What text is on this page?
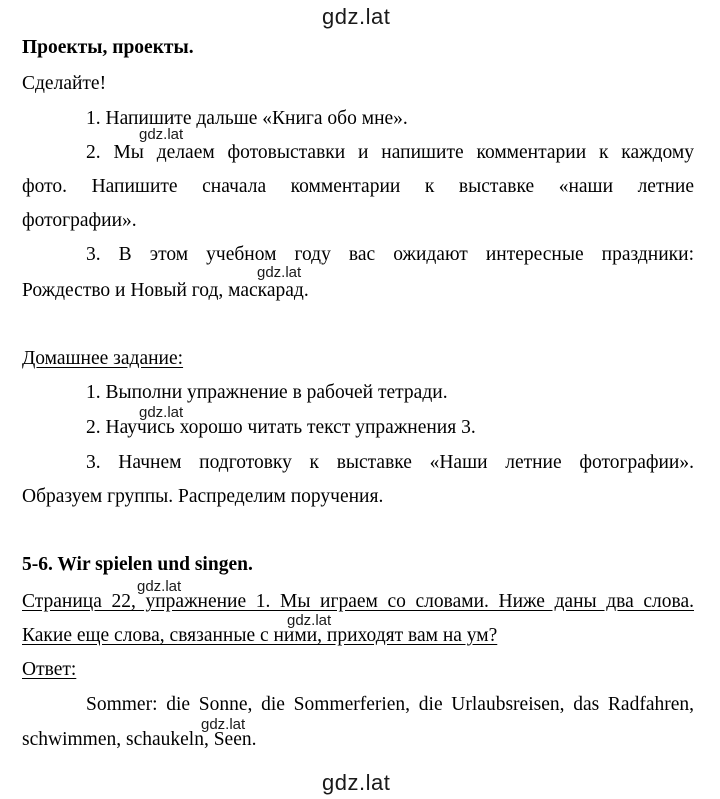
gdz.lat
Проекты, проекты.
Сделайте!
1. Напишите дальше «Книга обо мне».
gdz.lat
2. Мы делаем фотовыставки и напишите комментарии к каждому
фото. Напишите сначала комментарии к выставке «наши летние
фотографии».
3. В этом учебном году вас ожидают интересные праздники:
gdz.lat
Рождество и Новый год, маскарад.
Домашнее задание:
1. Выполни упражнение в рабочей тетради.
gdz.lat
2. Научись хорошо читать текст упражнения 3.
3. Начнем подготовку к выставке «Наши летние фотографии».
Образуем группы. Распределим поручения.
5-6. Wir spielen und singen.
gdz.lat
Страница 22, упражнение 1. Мы играем со словами. Ниже даны два слова.
gdz.lat
Какие еще слова, связанные с ними, приходят вам на ум?
Ответ:
Sommer: die Sonne, die Sommerferien, die Urlaubsreisen, das Radfahren,
gdz.lat
schwimmen, schaukeln, Seen.
gdz.lat
